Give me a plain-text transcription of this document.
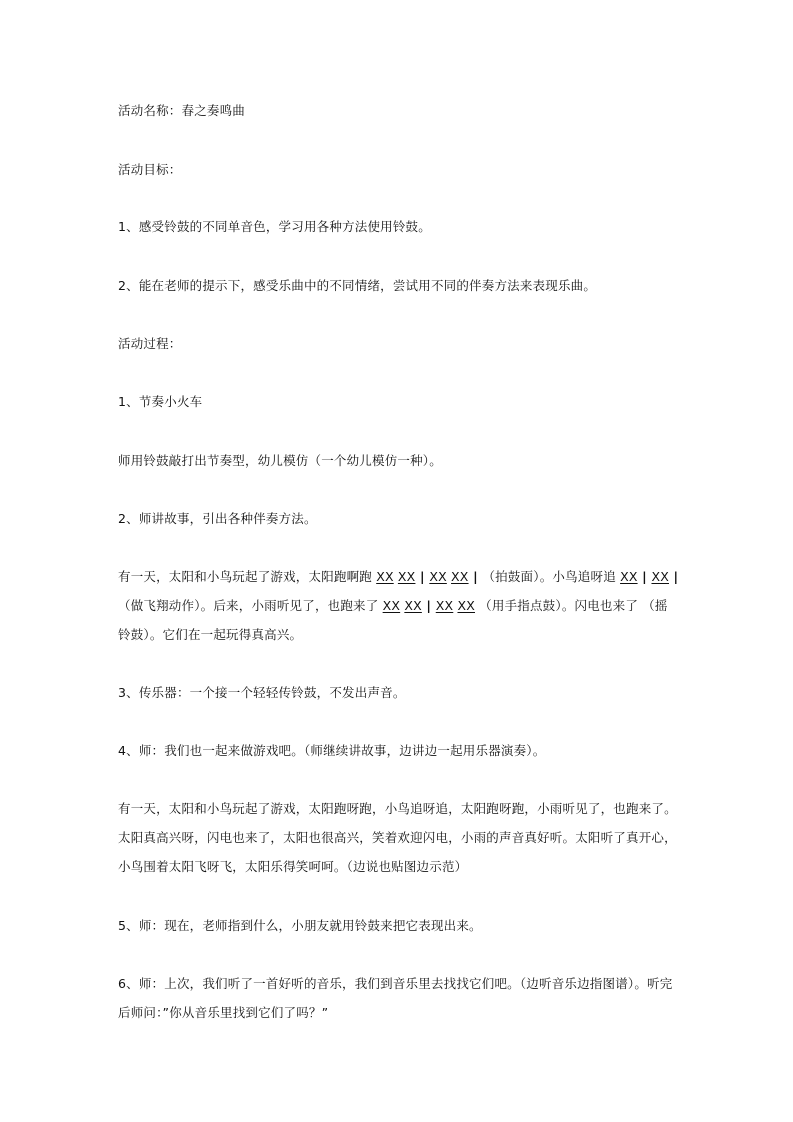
活动名称：春之奏鸣曲

活动目标：

1、感受铃鼓的不同单音色，学习用各种方法使用铃鼓。

2、能在老师的提示下，感受乐曲中的不同情绪，尝试用不同的伴奏方法来表现乐曲。

活动过程：

1、节奏小火车

师用铃鼓敲打出节奏型，幼儿模仿（一个幼儿模仿一种）。

2、师讲故事，引出各种伴奏方法。

有一天，太阳和小鸟玩起了游戏，太阳跑啊跑 XX XX | XX XX | （拍鼓面）。小鸟追呀追 XX | XX | （做飞翔动作）。后来，小雨听见了，也跑来了 XX XX | XX XX （用手指点鼓）。闪电也来了 （摇铃鼓）。它们在一起玩得真高兴。

3、传乐器：一个接一个轻轻传铃鼓，不发出声音。

4、师：我们也一起来做游戏吧。（师继续讲故事，边讲边一起用乐器演奏）。

有一天，太阳和小鸟玩起了游戏，太阳跑呀跑，小鸟追呀追，太阳跑呀跑，小雨听见了，也跑来了。太阳真高兴呀，闪电也来了，太阳也很高兴，笑着欢迎闪电，小雨的声音真好听。太阳听了真开心，小鸟围着太阳飞呀飞，太阳乐得笑呵呵。（边说也贴图边示范）

5、师：现在，老师指到什么，小朋友就用铃鼓来把它表现出来。

6、师：上次，我们听了一首好听的音乐，我们到音乐里去找找它们吧。（边听音乐边指图谱）。听完后师问：”你从音乐里找到它们了吗？”
